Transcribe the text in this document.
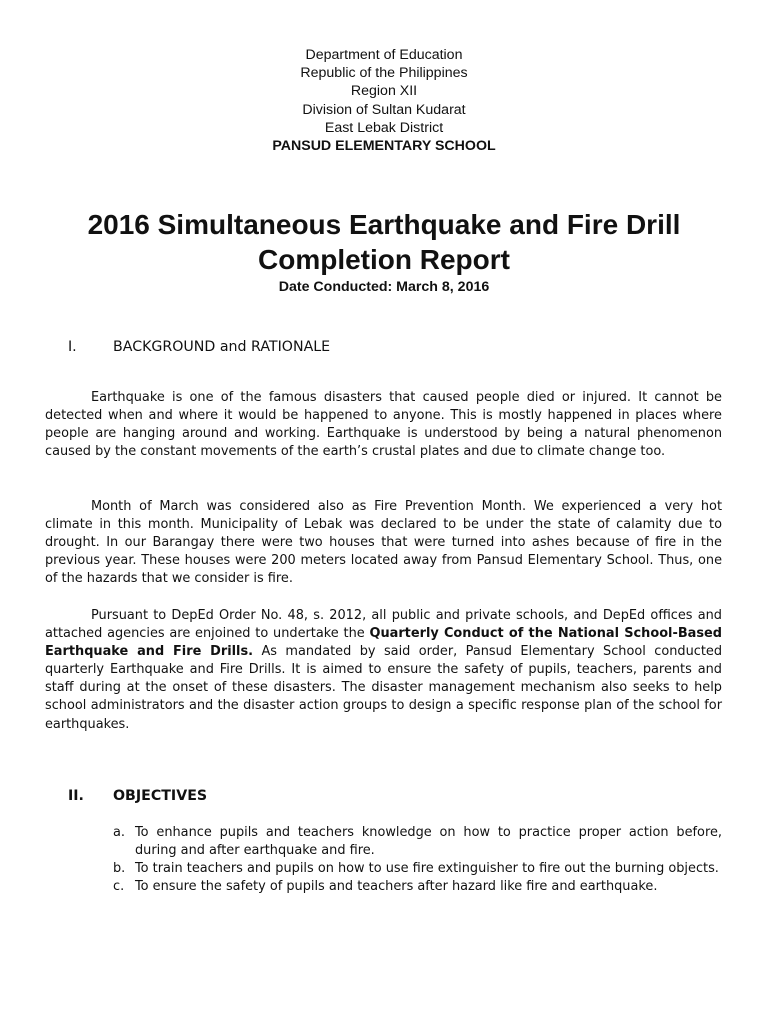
Department of Education
Republic of the Philippines
Region XII
Division of Sultan Kudarat
East Lebak District
PANSUD ELEMENTARY SCHOOL
2016 Simultaneous Earthquake and Fire Drill
Completion Report
Date Conducted: March 8, 2016
I.	BACKGROUND and RATIONALE

Earthquake is one of the famous disasters that caused people died or injured. It cannot be detected when and where it would be happened to anyone. This is mostly happened in places where people are hanging around and working. Earthquake is understood by being a natural phenomenon caused by the constant movements of the earth’s crustal plates and due to climate change too.

Month of March was considered also as Fire Prevention Month. We experienced a very hot climate in this month. Municipality of Lebak was declared to be under the state of calamity due to drought. In our Barangay there were two houses that were turned into ashes because of fire in the previous year. These houses were 200 meters located away from Pansud Elementary School. Thus, one of the hazards that we consider is fire.

Pursuant to DepEd Order No. 48, s. 2012, all public and private schools, and DepEd offices and attached agencies are enjoined to undertake the Quarterly Conduct of the National School-Based Earthquake and Fire Drills. As mandated by said order, Pansud Elementary School conducted quarterly Earthquake and Fire Drills. It is aimed to ensure the safety of pupils, teachers, parents and staff during at the onset of these disasters. The disaster management mechanism also seeks to help school administrators and the disaster action groups to design a specific response plan of the school for earthquakes.

II. OBJECTIVES
a. To enhance pupils and teachers knowledge on how to practice proper action before, during and after earthquake and fire.
b. To train teachers and pupils on how to use fire extinguisher to fire out the burning objects.
c. To ensure the safety of pupils and teachers after hazard like fire and earthquake.
